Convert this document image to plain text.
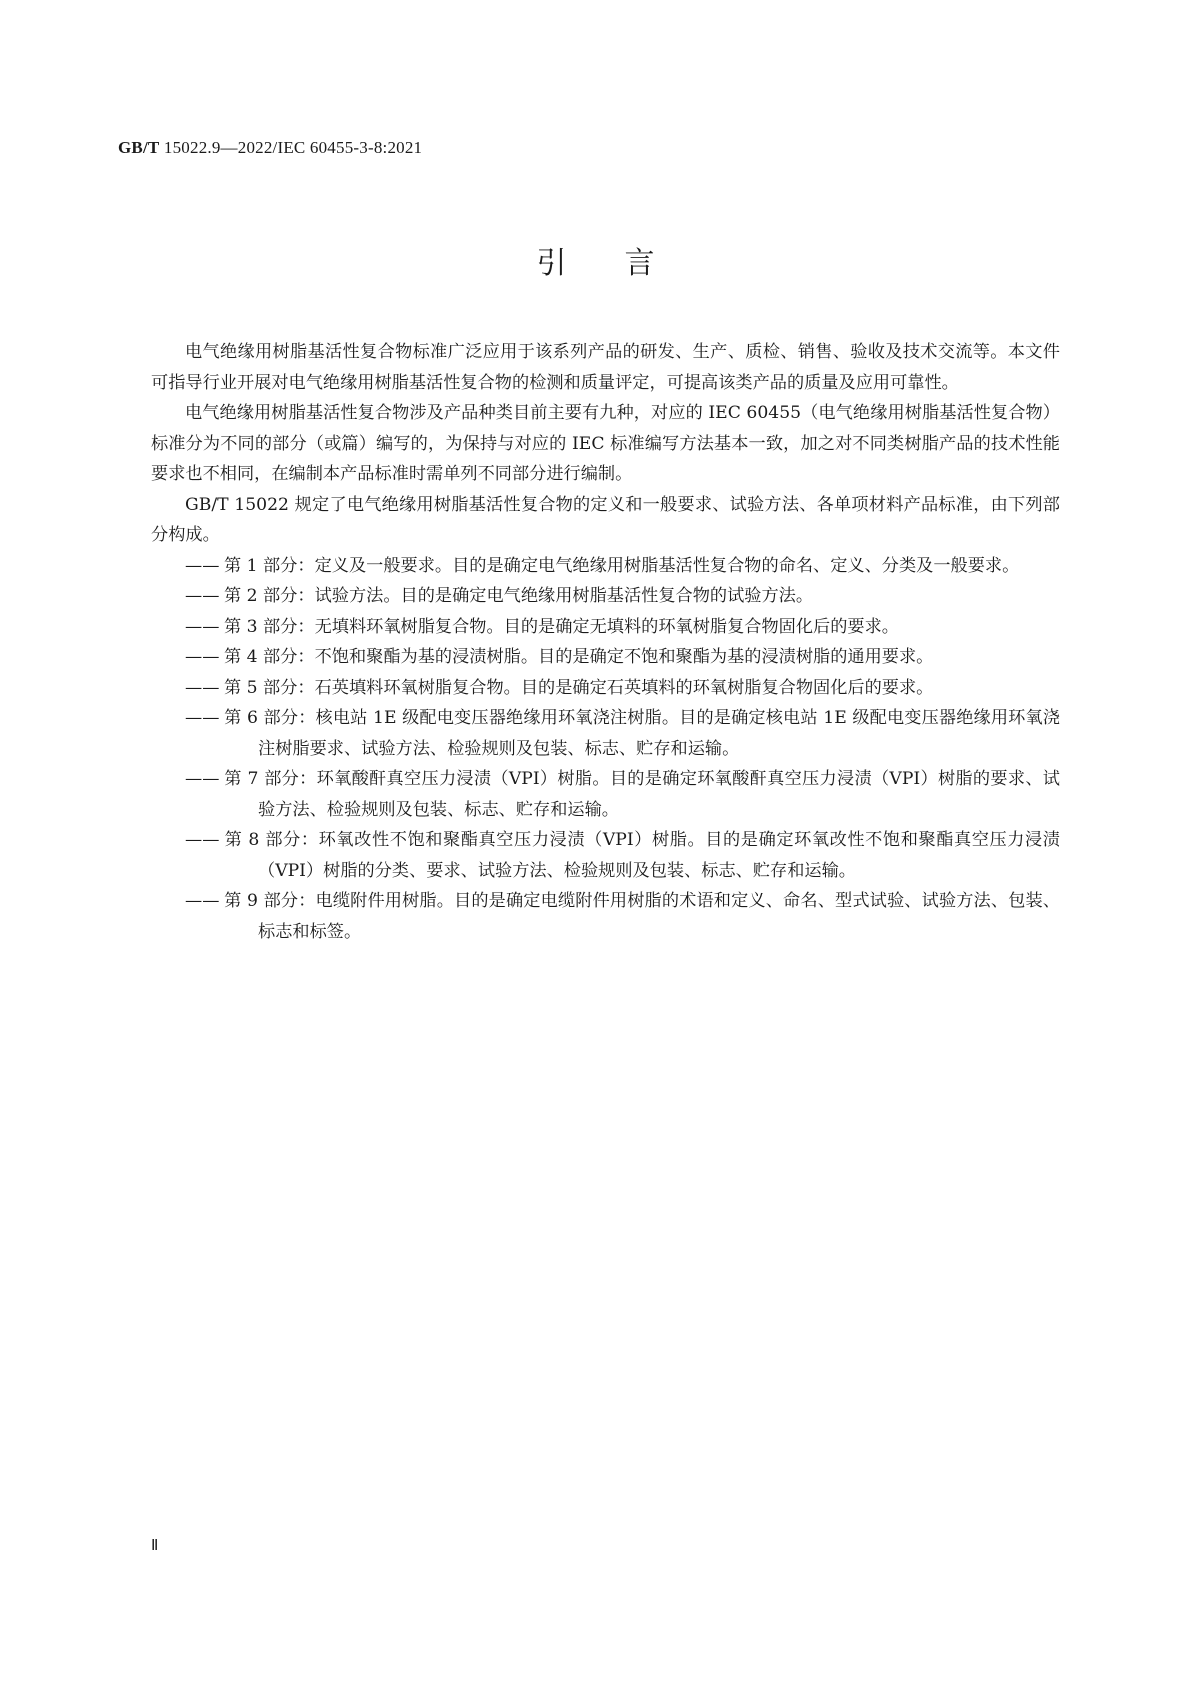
GB/T 15022.9—2022/IEC 60455-3-8:2021
引言

电气绝缘用树脂基活性复合物标准广泛应用于该系列产品的研发、生产、质检、销售、验收及技术交流等。本文件可指导行业开展对电气绝缘用树脂基活性复合物的检测和质量评定，可提高该类产品的质量及应用可靠性。

电气绝缘用树脂基活性复合物涉及产品种类目前主要有九种，对应的 IEC 60455（电气绝缘用树脂基活性复合物）标准分为不同的部分（或篇）编写的，为保持与对应的 IEC 标准编写方法基本一致，加之对不同类树脂产品的技术性能要求也不相同，在编制本产品标准时需单列不同部分进行编制。

GB/T 15022 规定了电气绝缘用树脂基活性复合物的定义和一般要求、试验方法、各单项材料产品标准，由下列部分构成。

—— 第 1 部分：定义及一般要求。目的是确定电气绝缘用树脂基活性复合物的命名、定义、分类及一般要求。

—— 第 2 部分：试验方法。目的是确定电气绝缘用树脂基活性复合物的试验方法。

—— 第 3 部分：无填料环氧树脂复合物。目的是确定无填料的环氧树脂复合物固化后的要求。

—— 第 4 部分：不饱和聚酯为基的浸渍树脂。目的是确定不饱和聚酯为基的浸渍树脂的通用要求。

—— 第 5 部分：石英填料环氧树脂复合物。目的是确定石英填料的环氧树脂复合物固化后的要求。

—— 第 6 部分：核电站 1E 级配电变压器绝缘用环氧浇注树脂。目的是确定核电站 1E 级配电变压器绝缘用环氧浇注树脂要求、试验方法、检验规则及包装、标志、贮存和运输。

—— 第 7 部分：环氧酸酐真空压力浸渍（VPI）树脂。目的是确定环氧酸酐真空压力浸渍（VPI）树脂的要求、试验方法、检验规则及包装、标志、贮存和运输。

—— 第 8 部分：环氧改性不饱和聚酯真空压力浸渍（VPI）树脂。目的是确定环氧改性不饱和聚酯真空压力浸渍（VPI）树脂的分类、要求、试验方法、检验规则及包装、标志、贮存和运输。

—— 第 9 部分：电缆附件用树脂。目的是确定电缆附件用树脂的术语和定义、命名、型式试验、试验方法、包装、标志和标签。

Ⅱ
